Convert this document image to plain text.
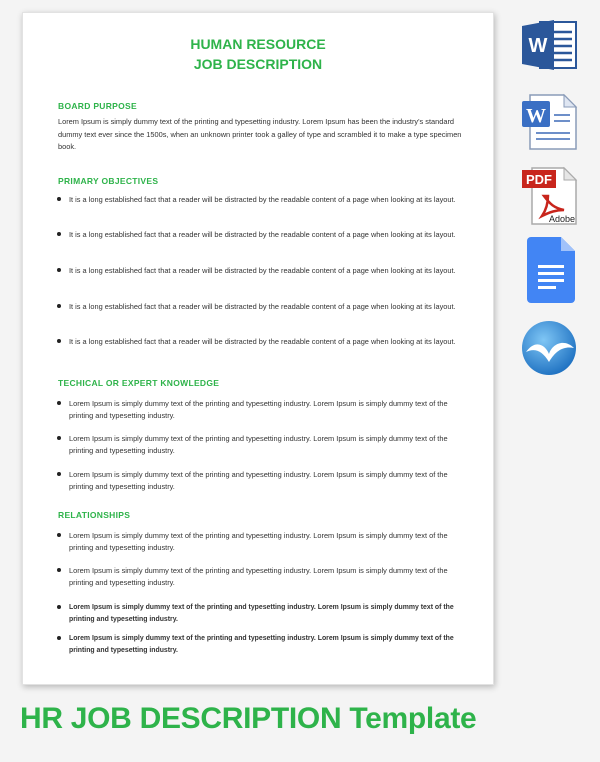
HUMAN RESOURCE
JOB DESCRIPTION
BOARD PURPOSE
Lorem Ipsum is simply dummy text of the printing and typesetting industry. Lorem Ipsum has been the industry's standard dummy text ever since the 1500s, when an unknown printer took a galley of type and scrambled it to make a type specimen book.
PRIMARY OBJECTIVES
It is a long established fact that a reader will be distracted by the readable content of a page when looking at its layout.
It is a long established fact that a reader will be distracted by the readable content of a page when looking at its layout.
It is a long established fact that a reader will be distracted by the readable content of a page when looking at its layout.
It is a long established fact that a reader will be distracted by the readable content of a page when looking at its layout.
It is a long established fact that a reader will be distracted by the readable content of a page when looking at its layout.
TECHICAL OR EXPERT KNOWLEDGE
Lorem Ipsum is simply dummy text of the printing and typesetting industry. Lorem Ipsum is simply dummy text of the printing and typesetting industry.
Lorem Ipsum is simply dummy text of the printing and typesetting industry. Lorem Ipsum is simply dummy text of the printing and typesetting industry.
Lorem Ipsum is simply dummy text of the printing and typesetting industry. Lorem Ipsum is simply dummy text of the printing and typesetting industry.
RELATIONSHIPS
Lorem Ipsum is simply dummy text of the printing and typesetting industry. Lorem Ipsum is simply dummy text of the printing and typesetting industry.
Lorem Ipsum is simply dummy text of the printing and typesetting industry. Lorem Ipsum is simply dummy text of the printing and typesetting industry.
Lorem Ipsum is simply dummy text of the printing and typesetting industry. Lorem Ipsum is simply dummy text of the printing and typesetting industry.
Lorem Ipsum is simply dummy text of the printing and typesetting industry. Lorem Ipsum is simply dummy text of the printing and typesetting industry.
W
W
PDF
Adobe
HR JOB DESCRIPTION Template
